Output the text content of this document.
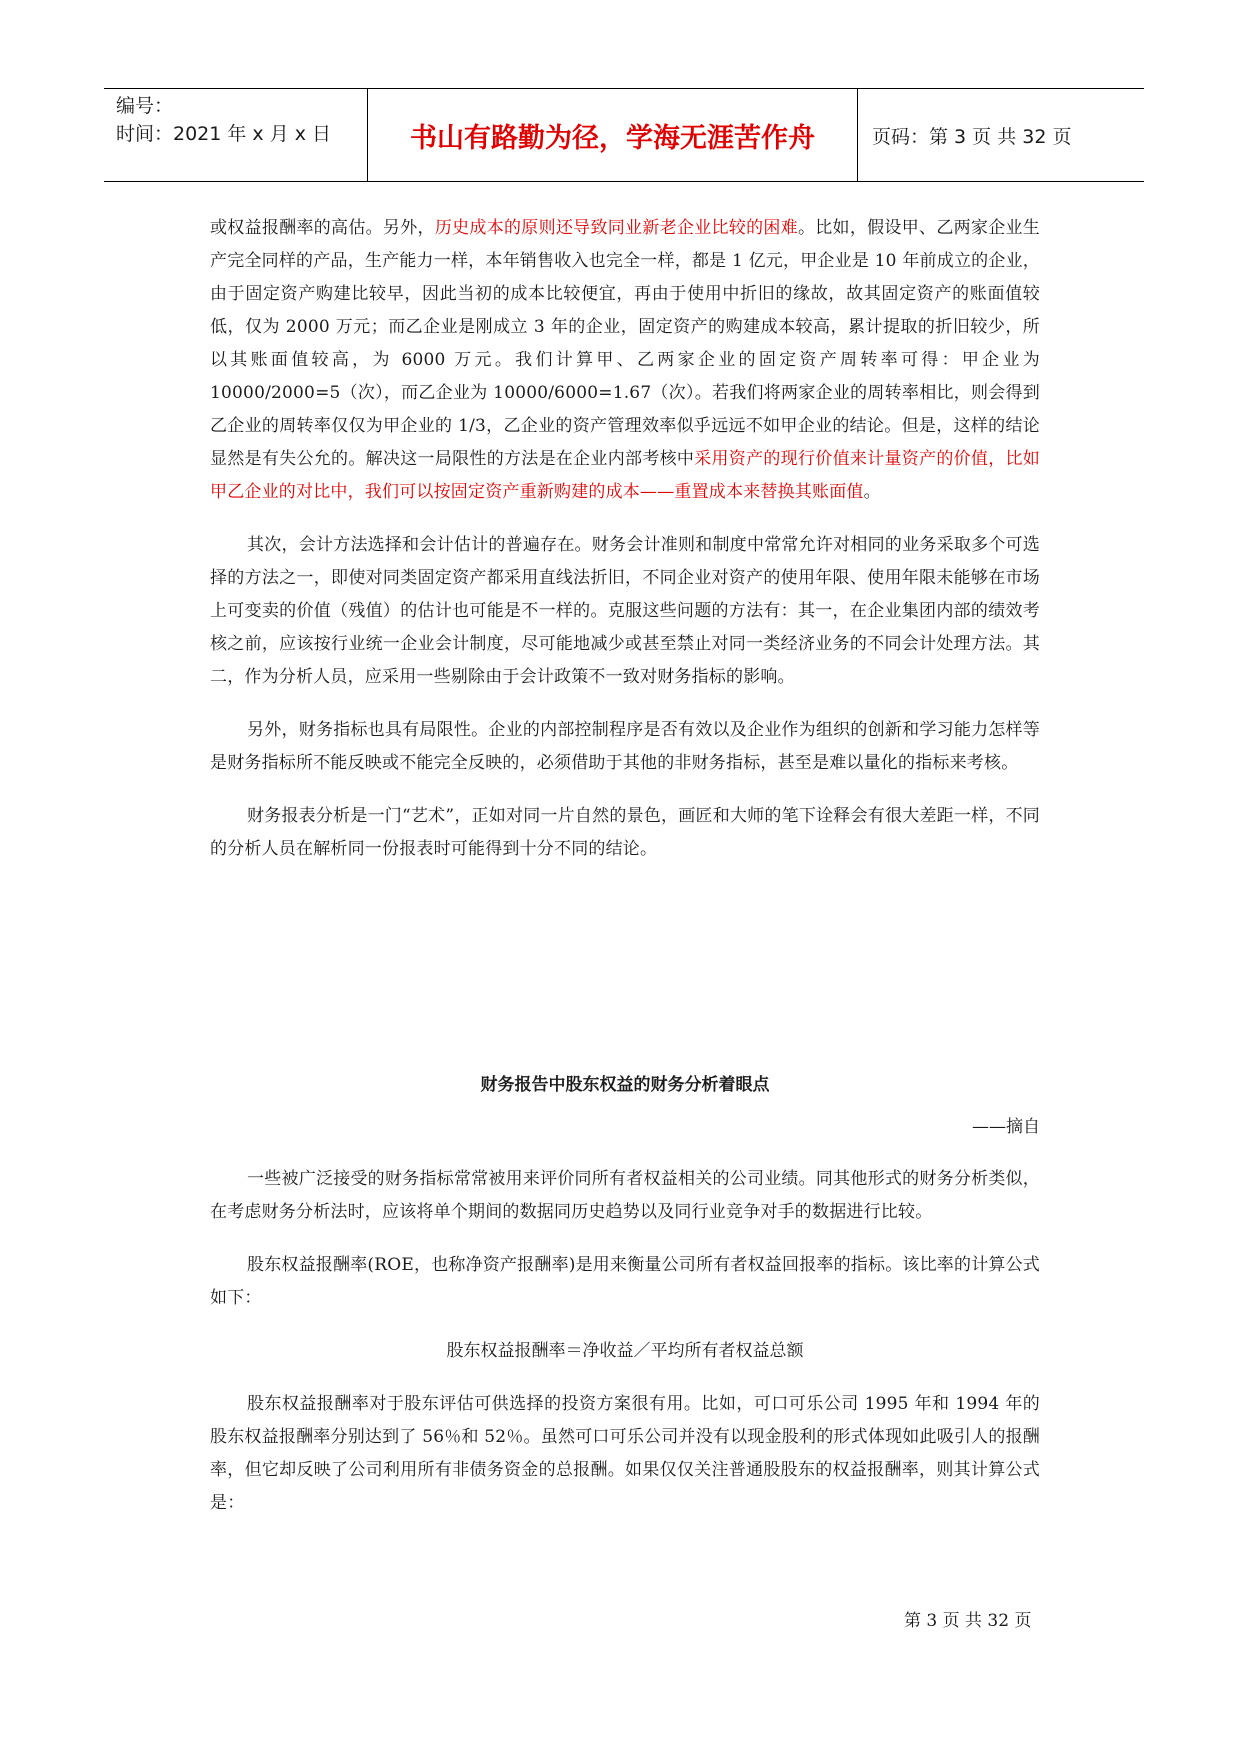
编号：
时间：2021 年 x 月 x 日	书山有路勤为径，学海无涯苦作舟	页码：第 3 页 共 32 页

或权益报酬率的高估。另外，历史成本的原则还导致同业新老企业比较的困难。比如，假设甲、乙两家企业生产完全同样的产品，生产能力一样，本年销售收入也完全一样，都是 1 亿元，甲企业是 10 年前成立的企业，由于固定资产购建比较早，因此当初的成本比较便宜，再由于使用中折旧的缘故，故其固定资产的账面值较低，仅为 2000 万元；而乙企业是刚成立 3 年的企业，固定资产的购建成本较高，累计提取的折旧较少，所以其账面值较高，为 6000 万元。我们计算甲、乙两家企业的固定资产周转率可得：甲企业为 10000/2000=5（次），而乙企业为 10000/6000=1.67（次）。若我们将两家企业的周转率相比，则会得到乙企业的周转率仅仅为甲企业的 1/3，乙企业的资产管理效率似乎远远不如甲企业的结论。但是，这样的结论显然是有失公允的。解决这一局限性的方法是在企业内部考核中采用资产的现行价值来计量资产的价值，比如甲乙企业的对比中，我们可以按固定资产重新购建的成本——重置成本来替换其账面值。

其次，会计方法选择和会计估计的普遍存在。财务会计准则和制度中常常允许对相同的业务采取多个可选择的方法之一，即使对同类固定资产都采用直线法折旧，不同企业对资产的使用年限、使用年限未能够在市场上可变卖的价值（残值）的估计也可能是不一样的。克服这些问题的方法有：其一，在企业集团内部的绩效考核之前，应该按行业统一企业会计制度，尽可能地减少或甚至禁止对同一类经济业务的不同会计处理方法。其二，作为分析人员，应采用一些剔除由于会计政策不一致对财务指标的影响。

另外，财务指标也具有局限性。企业的内部控制程序是否有效以及企业作为组织的创新和学习能力怎样等是财务指标所不能反映或不能完全反映的，必须借助于其他的非财务指标，甚至是难以量化的指标来考核。

财务报表分析是一门“艺术”，正如对同一片自然的景色，画匠和大师的笔下诠释会有很大差距一样，不同的分析人员在解析同一份报表时可能得到十分不同的结论。

财务报告中股东权益的财务分析着眼点
——摘自

一些被广泛接受的财务指标常常被用来评价同所有者权益相关的公司业绩。同其他形式的财务分析类似，在考虑财务分析法时，应该将单个期间的数据同历史趋势以及同行业竞争对手的数据进行比较。

股东权益报酬率(ROE，也称净资产报酬率)是用来衡量公司所有者权益回报率的指标。该比率的计算公式如下：

股东权益报酬率＝净收益／平均所有者权益总额

股东权益报酬率对于股东评估可供选择的投资方案很有用。比如，可口可乐公司 1995 年和 1994 年的股东权益报酬率分别达到了 56％和 52％。虽然可口可乐公司并没有以现金股利的形式体现如此吸引人的报酬率，但它却反映了公司利用所有非债务资金的总报酬。如果仅仅关注普通股股东的权益报酬率，则其计算公式是：

第 3 页 共 32 页
